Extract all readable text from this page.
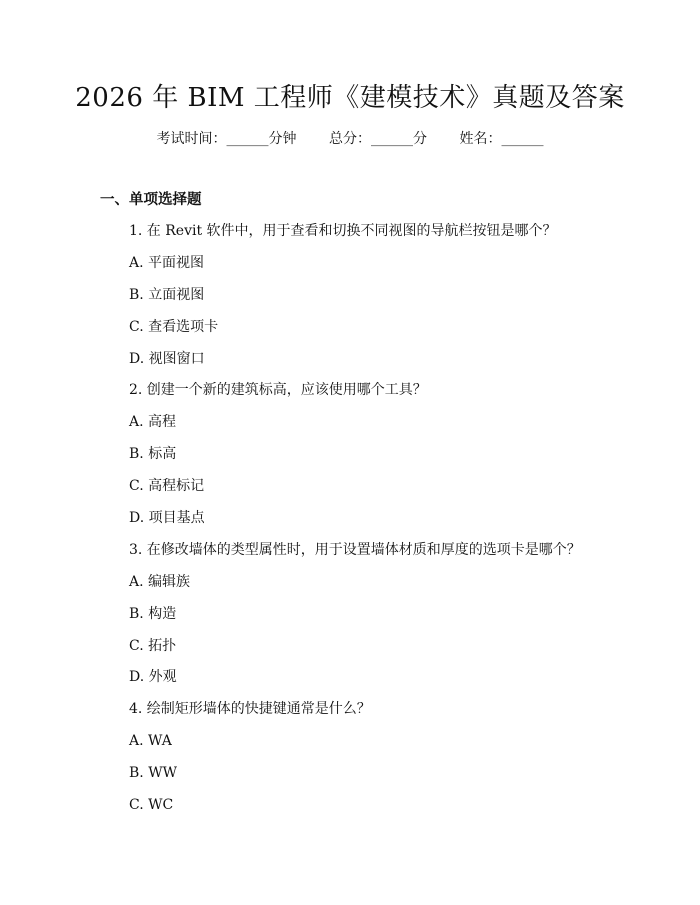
2026 年 BIM 工程师《建模技术》真题及答案
考试时间：______分钟 总分：______分 姓名：______
一、单项选择题
1. 在 Revit 软件中，用于查看和切换不同视图的导航栏按钮是哪个？
A. 平面视图
B. 立面视图
C. 查看选项卡
D. 视图窗口
2. 创建一个新的建筑标高，应该使用哪个工具？
A. 高程
B. 标高
C. 高程标记
D. 项目基点
3. 在修改墙体的类型属性时，用于设置墙体材质和厚度的选项卡是哪个？
A. 编辑族
B. 构造
C. 拓扑
D. 外观
4. 绘制矩形墙体的快捷键通常是什么？
A. WA
B. WW
C. WC
